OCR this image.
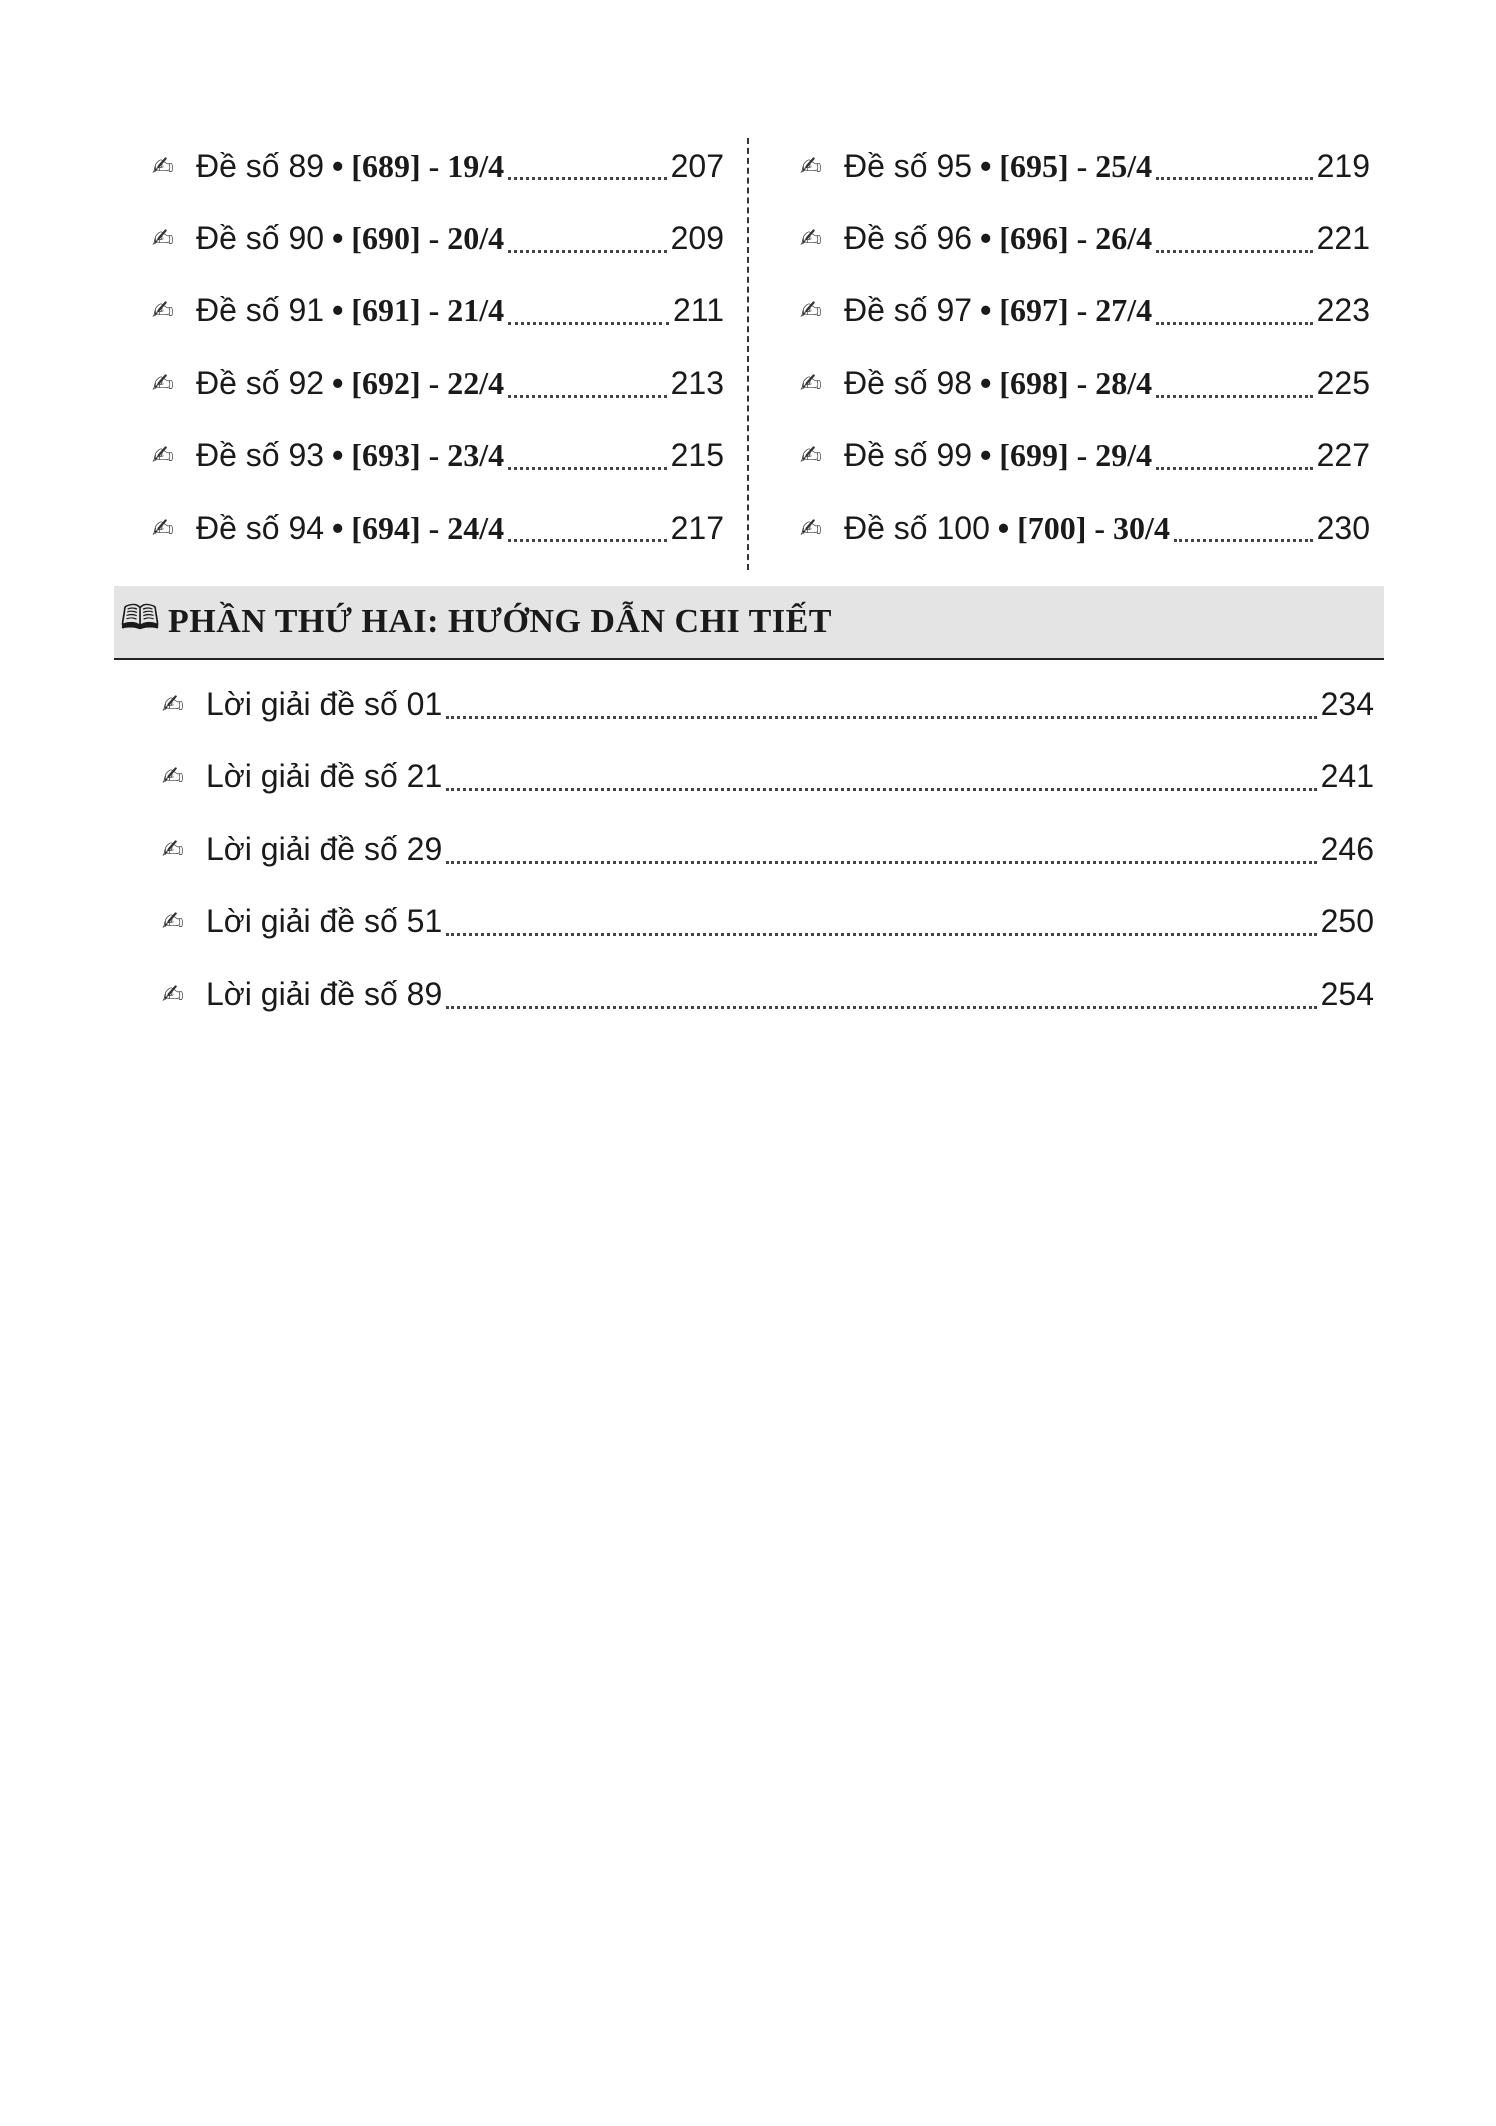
✍ Đề số 89 • [689] - 19/4	207
✍ Đề số 90 • [690] - 20/4	209
✍ Đề số 91 • [691] - 21/4	211
✍ Đề số 92 • [692] - 22/4	213
✍ Đề số 93 • [693] - 23/4	215
✍ Đề số 94 • [694] - 24/4	217
✍ Đề số 95 • [695] - 25/4	219
✍ Đề số 96 • [696] - 26/4	221
✍ Đề số 97 • [697] - 27/4	223
✍ Đề số 98 • [698] - 28/4	225
✍ Đề số 99 • [699] - 29/4	227
✍ Đề số 100 • [700] - 30/4	230
🕮 PHẦN THỨ HAI: HƯỚNG DẪN CHI TIẾT
✍ Lời giải đề số 01	234
✍ Lời giải đề số 21	241
✍ Lời giải đề số 29	246
✍ Lời giải đề số 51	250
✍ Lời giải đề số 89	254
